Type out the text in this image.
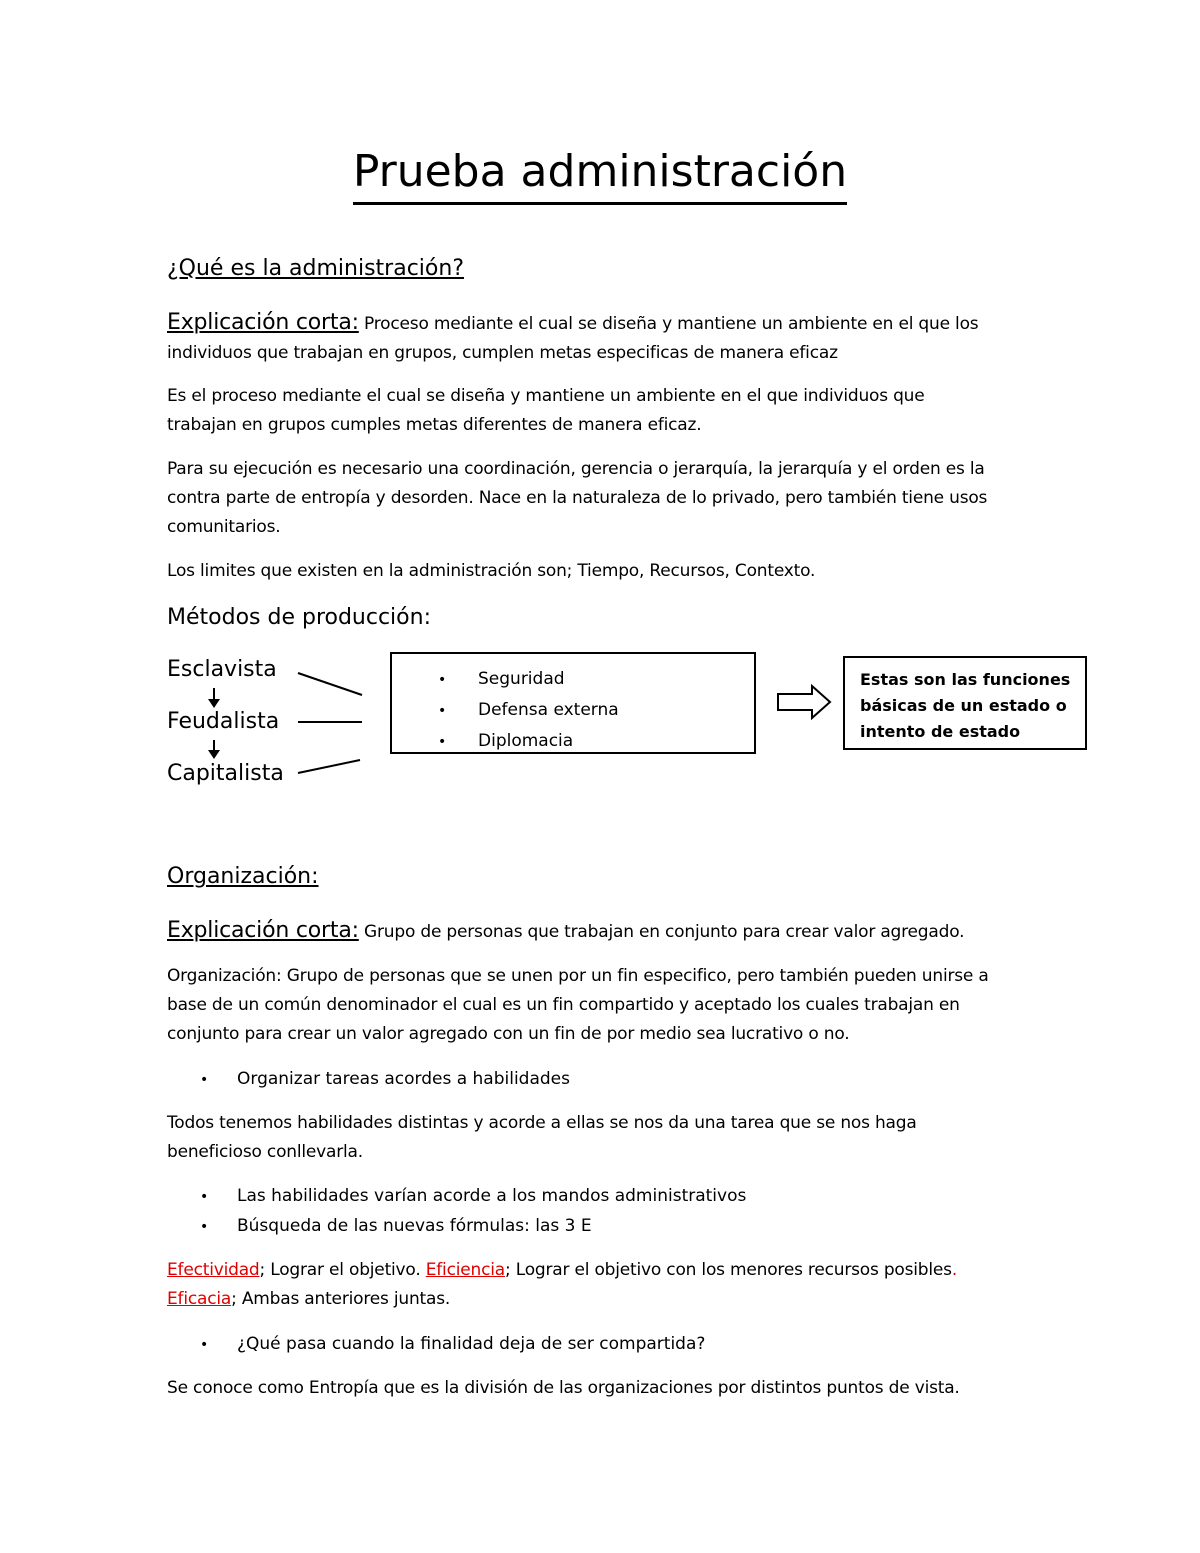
Prueba administración
¿Qué es la administración?
Explicación corta: Proceso mediante el cual se diseña y mantiene un ambiente en el que los
individuos que trabajan en grupos, cumplen metas especificas de manera eficaz
Es el proceso mediante el cual se diseña y mantiene un ambiente en el que individuos que
trabajan en grupos cumples metas diferentes de manera eficaz.
Para su ejecución es necesario una coordinación, gerencia o jerarquía, la jerarquía y el orden es la
contra parte de entropía y desorden. Nace en la naturaleza de lo privado, pero también tiene usos
comunitarios.
Los limites que existen en la administración son; Tiempo, Recursos, Contexto.
Métodos de producción:
Esclavista
Feudalista
Capitalista
• Seguridad
• Defensa externa
• Diplomacia
Estas son las funciones
básicas de un estado o
intento de estado
Organización:
Explicación corta: Grupo de personas que trabajan en conjunto para crear valor agregado.
Organización: Grupo de personas que se unen por un fin especifico, pero también pueden unirse a
base de un común denominador el cual es un fin compartido y aceptado los cuales trabajan en
conjunto para crear un valor agregado con un fin de por medio sea lucrativo o no.
• Organizar tareas acordes a habilidades
Todos tenemos habilidades distintas y acorde a ellas se nos da una tarea que se nos haga
beneficioso conllevarla.
• Las habilidades varían acorde a los mandos administrativos
• Búsqueda de las nuevas fórmulas: las 3 E
Efectividad; Lograr el objetivo. Eficiencia; Lograr el objetivo con los menores recursos posibles.
Eficacia; Ambas anteriores juntas.
• ¿Qué pasa cuando la finalidad deja de ser compartida?
Se conoce como Entropía que es la división de las organizaciones por distintos puntos de vista.
